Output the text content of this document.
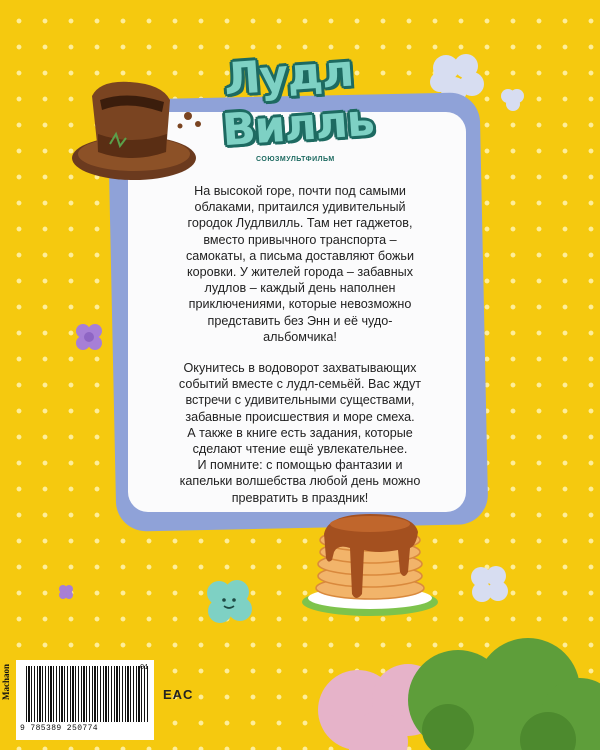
Лудл
Вилль
СОЮЗМУЛЬТФИЛЬМ

На высокой горе, почти под самыми
облаками, притаился удивительный
городок Лудлвилль. Там нет гаджетов,
вместо привычного транспорта –
самокаты, а письма доставляют божьи
коровки. У жителей города – забавных
лудлов – каждый день наполнен
приключениями, которые невозможно
представить без Энн и её чудо-
альбомчика!

Окунитесь в водоворот захватывающих
событий вместе с лудл-семьёй. Вас ждут
встречи с удивительными существами,
забавные происшествия и море смеха.
А также в книге есть задания, которые
сделают чтение ещё увлекательнее.
И помните: с помощью фантазии и
капельки волшебства любой день можно
превратить в праздник!

9 785389 250774
01
Machaon	EAC
